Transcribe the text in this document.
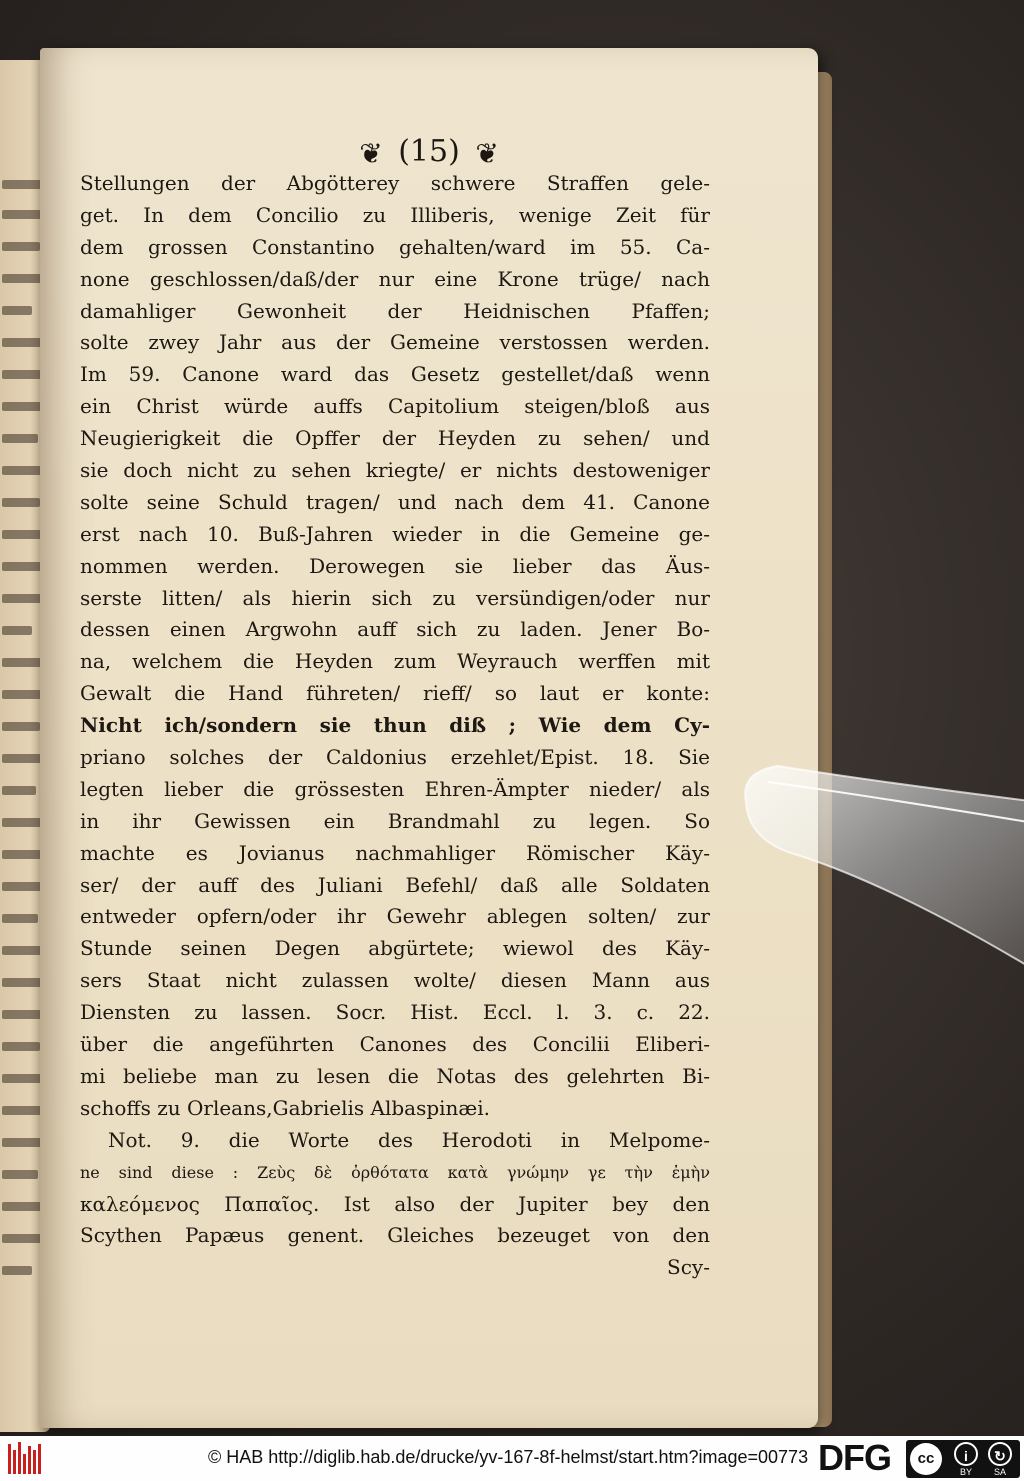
❦ (15) ❦
Stellungen der Abgötterey schwere Straffen gele-
get. In dem Concilio zu Illiberis, wenige Zeit für
dem grossen Constantino gehalten/ward im 55. Ca-
none geschlossen/daß/der nur eine Krone trüge/ nach
damahliger Gewonheit der Heidnischen Pfaffen;
solte zwey Jahr aus der Gemeine verstossen werden.
Im 59. Canone ward das Gesetz gestellet/daß wenn
ein Christ würde auffs Capitolium steigen/bloß aus
Neugierigkeit die Opffer der Heyden zu sehen/ und
sie doch nicht zu sehen kriegte/ er nichts destoweniger
solte seine Schuld tragen/ und nach dem 41. Canone
erst nach 10. Buß-Jahren wieder in die Gemeine ge-
nommen werden. Derowegen sie lieber das Äus-
serste litten/ als hierin sich zu versündigen/oder nur
dessen einen Argwohn auff sich zu laden. Jener Bo-
na, welchem die Heyden zum Weyrauch werffen mit
Gewalt die Hand führeten/ rieff/ so laut er konte:
Nicht ich/sondern sie thun diß ; Wie dem Cy-
priano solches der Caldonius erzehlet/Epist. 18. Sie
legten lieber die grössesten Ehren-Ämpter nieder/ als
in ihr Gewissen ein Brandmahl zu legen. So
machte es Jovianus nachmahliger Römischer Käy-
ser/ der auff des Juliani Befehl/ daß alle Soldaten
entweder opfern/oder ihr Gewehr ablegen solten/ zur
Stunde seinen Degen abgürtete; wiewol des Käy-
sers Staat nicht zulassen wolte/ diesen Mann aus
Diensten zu lassen. Socr. Hist. Eccl. l. 3. c. 22.
über die angeführten Canones des Concilii Eliberi-
mi beliebe man zu lesen die Notas des gelehrten Bi-
schoffs zu Orleans,Gabrielis Albaspinæi.
Not. 9. die Worte des Herodoti in Melpome-
ne sind diese : Ζεὺς δὲ ὀρθότατα κατὰ γνώμην γε τὴν ἐμὴν
καλεόμενος Παπαῖος. Ist also der Jupiter bey den
Scythen Papæus genent. Gleiches bezeuget von den
Scy-
© HAB http://diglib.hab.de/drucke/yv-167-8f-helmst/start.htm?image=00773 DFG	cc	i
BY
↻
SA
